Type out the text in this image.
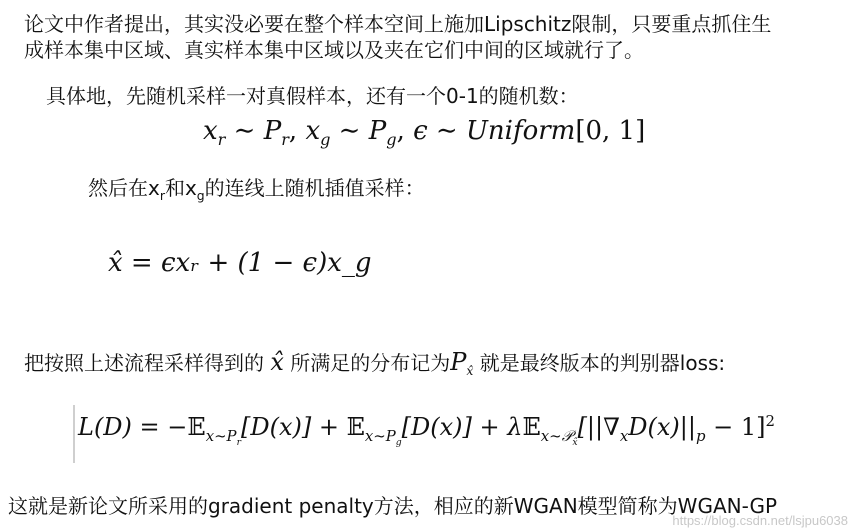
论文中作者提出，其实没必要在整个样本空间上施加Lipschitz限制，只要重点抓住生
成样本集中区域、真实样本集中区域以及夹在它们中间的区域就行了。
具体地，先随机采样一对真假样本，还有一个0-1的随机数：
$x_r$ ∼ $P_r$, $x_g$ ∼ $P_g$, ϵ ∼ Uniform[0, 1]
然后在$x_r$和$x_g$的连线上随机插值采样：
x̂ = ϵxᵣ + (1 − ϵ)x_g
把按照上述流程采样得到的 x̂ 所满足的分布记为$P_{x̂}$ 就是最终版本的判别器loss:
L(D) = −𝔼$_{x\sim P_r}$[D(x)] + 𝔼$_{x\sim P_g}$[D(x)] + $\lambda 𝔼_{x\sim 𝒫_{x̂}}[||\nabla_xD(x)||_p - 1]^2$
这就是新论文所采用的gradient penalty方法，相应的新WGAN模型简称为WGAN-GP
https://blog.csdn.net/lsjpu6038
